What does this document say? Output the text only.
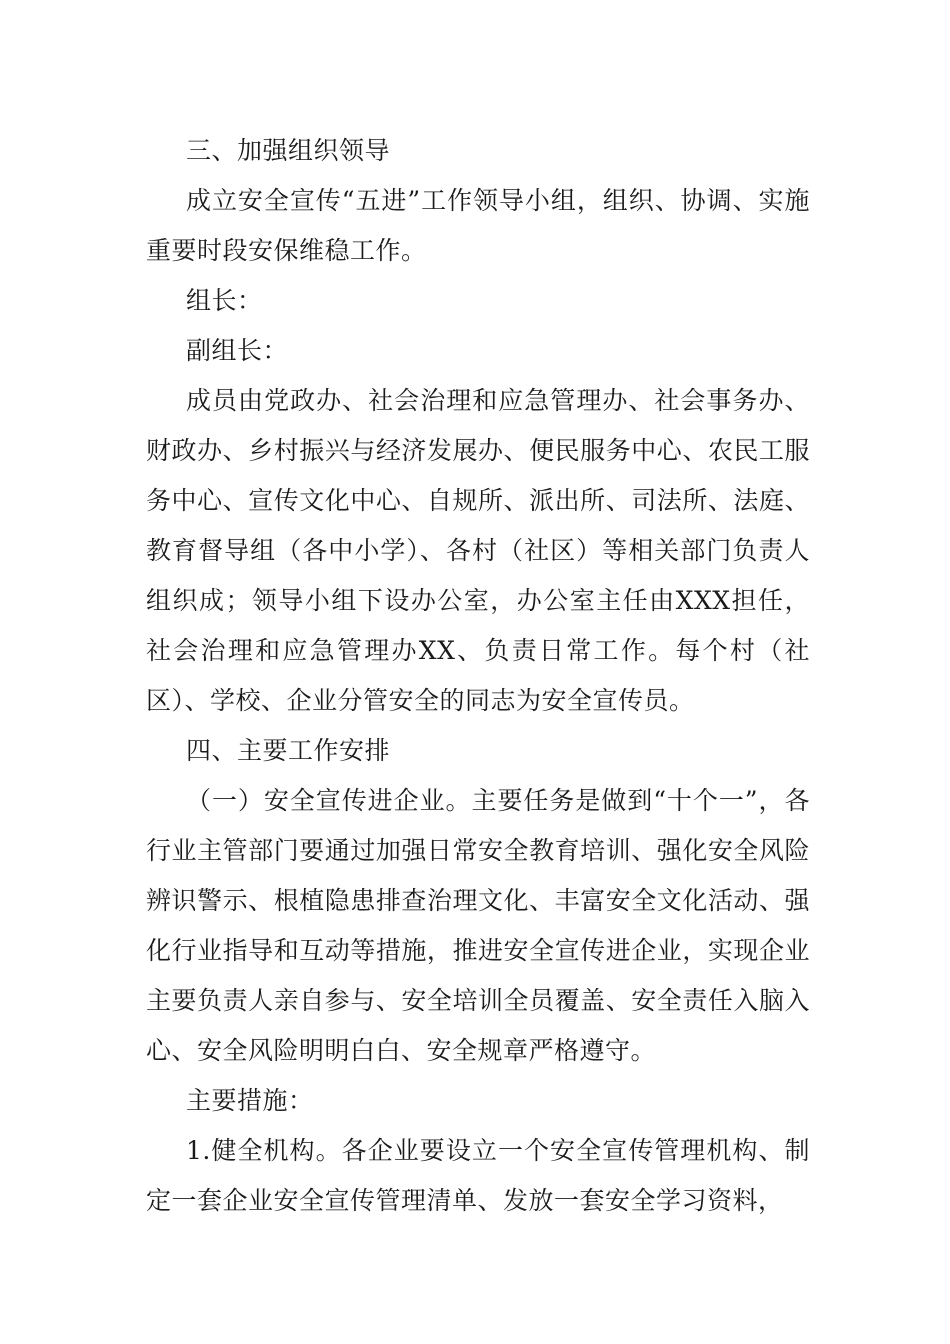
三、加强组织领导

成立安全宣传“五进”工作领导小组，组织、协调、实施重要时段安保维稳工作。

组长：

副组长：

成员由党政办、社会治理和应急管理办、社会事务办、财政办、乡村振兴与经济发展办、便民服务中心、农民工服务中心、宣传文化中心、自规所、派出所、司法所、法庭、教育督导组（各中小学）、各村（社区）等相关部门负责人组织成；领导小组下设办公室，办公室主任由XXX担任，社会治理和应急管理办XX、负责日常工作。每个村（社区）、学校、企业分管安全的同志为安全宣传员。

四、主要工作安排

（一）安全宣传进企业。主要任务是做到“十个一”，各行业主管部门要通过加强日常安全教育培训、强化安全风险辨识警示、根植隐患排查治理文化、丰富安全文化活动、强化行业指导和互动等措施，推进安全宣传进企业，实现企业主要负责人亲自参与、安全培训全员覆盖、安全责任入脑入心、安全风险明明白白、安全规章严格遵守。

主要措施：

1.健全机构。各企业要设立一个安全宣传管理机构、制定一套企业安全宣传管理清单、发放一套安全学习资料，
